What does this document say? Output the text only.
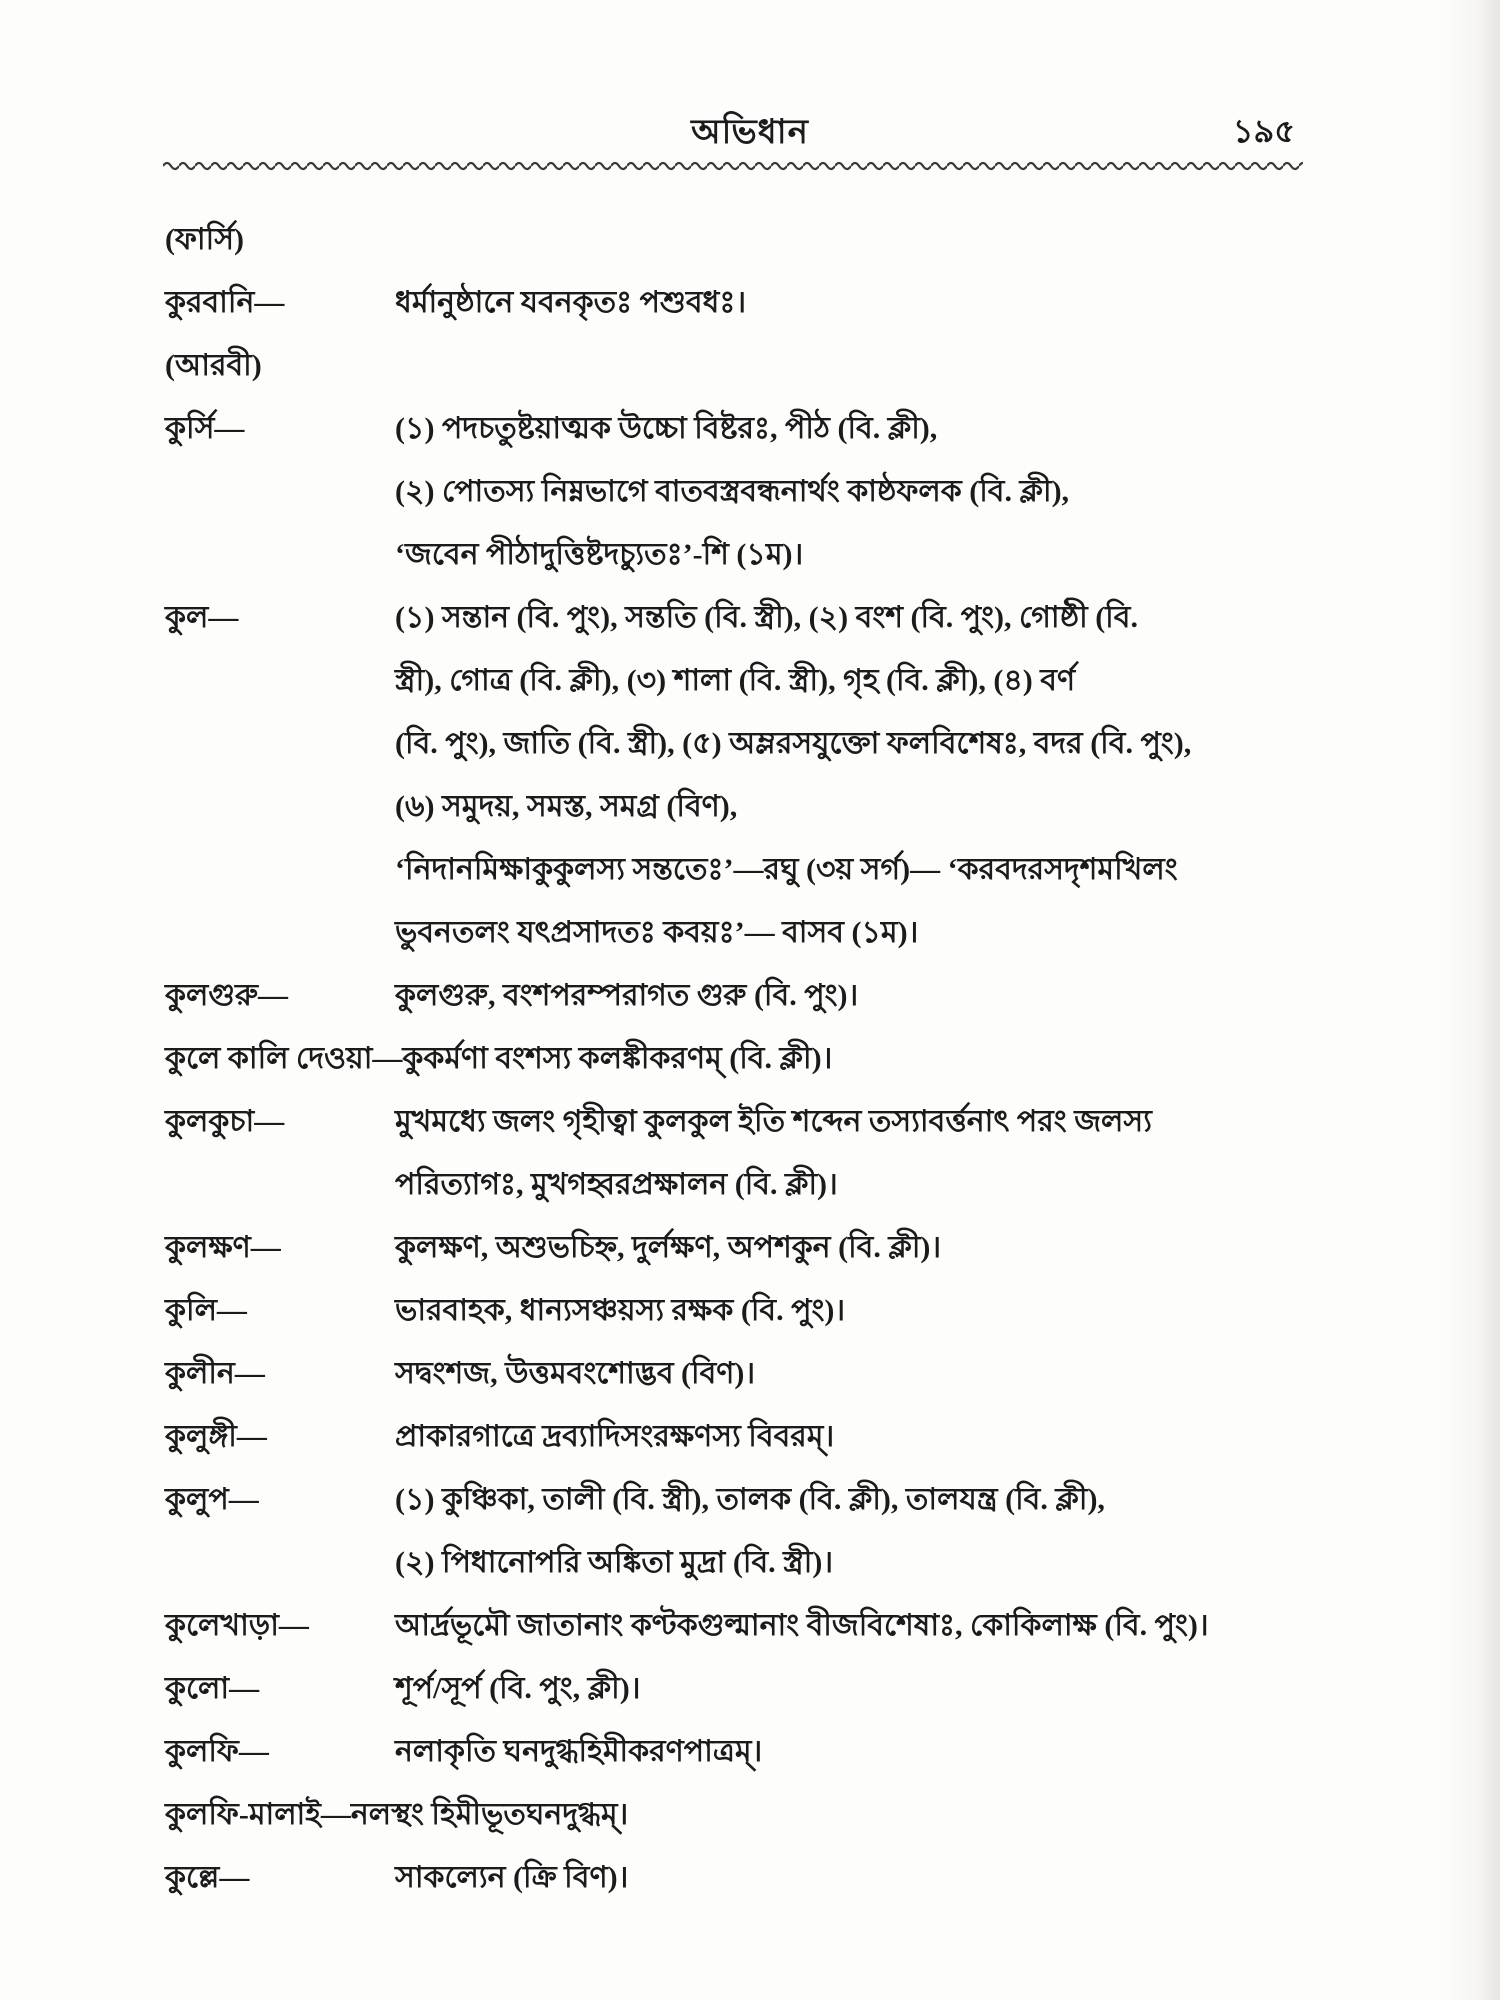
অভিধান	১৯৫
(ফার্সি)
কুরবানি—	ধর্মানুষ্ঠানে যবনকৃতঃ পশুবধঃ।
(আরবী)
কুর্সি—	(১) পদচতুষ্টয়াত্মক উচ্চো বিষ্টরঃ, পীঠ (বি. ক্লী),
(২) পোতস্য নিম্নভাগে বাতবস্ত্রবন্ধনার্থং কাষ্ঠফলক (বি. ক্লী),
‘জবেন পীঠাদুত্তিষ্টদচ্যুতঃ’-শি (১ম)।
কুল—	(১) সন্তান (বি. পুং), সন্ততি (বি. স্ত্রী), (২) বংশ (বি. পুং), গোষ্ঠী (বি.
স্ত্রী), গোত্র (বি. ক্লী), (৩) শালা (বি. স্ত্রী), গৃহ (বি. ক্লী), (৪) বর্ণ
(বি. পুং), জাতি (বি. স্ত্রী), (৫) অম্লরসযুক্তো ফলবিশেষঃ, বদর (বি. পুং),
(৬) সমুদয়, সমস্ত, সমগ্র (বিণ),
‘নিদানমিক্ষাকুকুলস্য সন্ততেঃ’—রঘু (৩য় সর্গ)— ‘করবদরসদৃশমখিলং
ভুবনতলং যৎপ্রসাদতঃ কবয়ঃ’— বাসব (১ম)।
কুলগুরু—	কুলগুরু, বংশপরম্পরাগত গুরু (বি. পুং)।
কুলে কালি দেওয়া—কুকর্মণা বংশস্য কলঙ্কীকরণম্ (বি. ক্লী)।
কুলকুচা—	মুখমধ্যে জলং গৃহীত্বা কুলকুল ইতি শব্দেন তস্যাবর্ত্তনাৎ পরং জলস্য
পরিত্যাগঃ, মুখগহ্বরপ্রক্ষালন (বি. ক্লী)।
কুলক্ষণ—	কুলক্ষণ, অশুভচিহ্ন, দুর্লক্ষণ, অপশকুন (বি. ক্লী)।
কুলি—	ভারবাহক, ধান্যসঞ্চয়স্য রক্ষক (বি. পুং)।
কুলীন—	সদ্বংশজ, উত্তমবংশোদ্ভব (বিণ)।
কুলুঙ্গী—	প্রাকারগাত্রে দ্রব্যাদিসংরক্ষণস্য বিবরম্।
কুলুপ—	(১) কুঞ্চিকা, তালী (বি. স্ত্রী), তালক (বি. ক্লী), তালযন্ত্র (বি. ক্লী),
(২) পিধানোপরি অঙ্কিতা মুদ্রা (বি. স্ত্রী)।
কুলেখাড়া—	আর্দ্রভূমৌ জাতানাং কণ্টকগুল্মানাং বীজবিশেষাঃ, কোকিলাক্ষ (বি. পুং)।
কুলো—	শূর্প/সূর্প (বি. পুং, ক্লী)।
কুলফি—	নলাকৃতি ঘনদুগ্ধহিমীকরণপাত্রম্।
কুলফি-মালাই—নলস্থং হিমীভূতঘনদুগ্ধম্।
কুল্লে—	সাকল্যেন (ক্রি বিণ)।
